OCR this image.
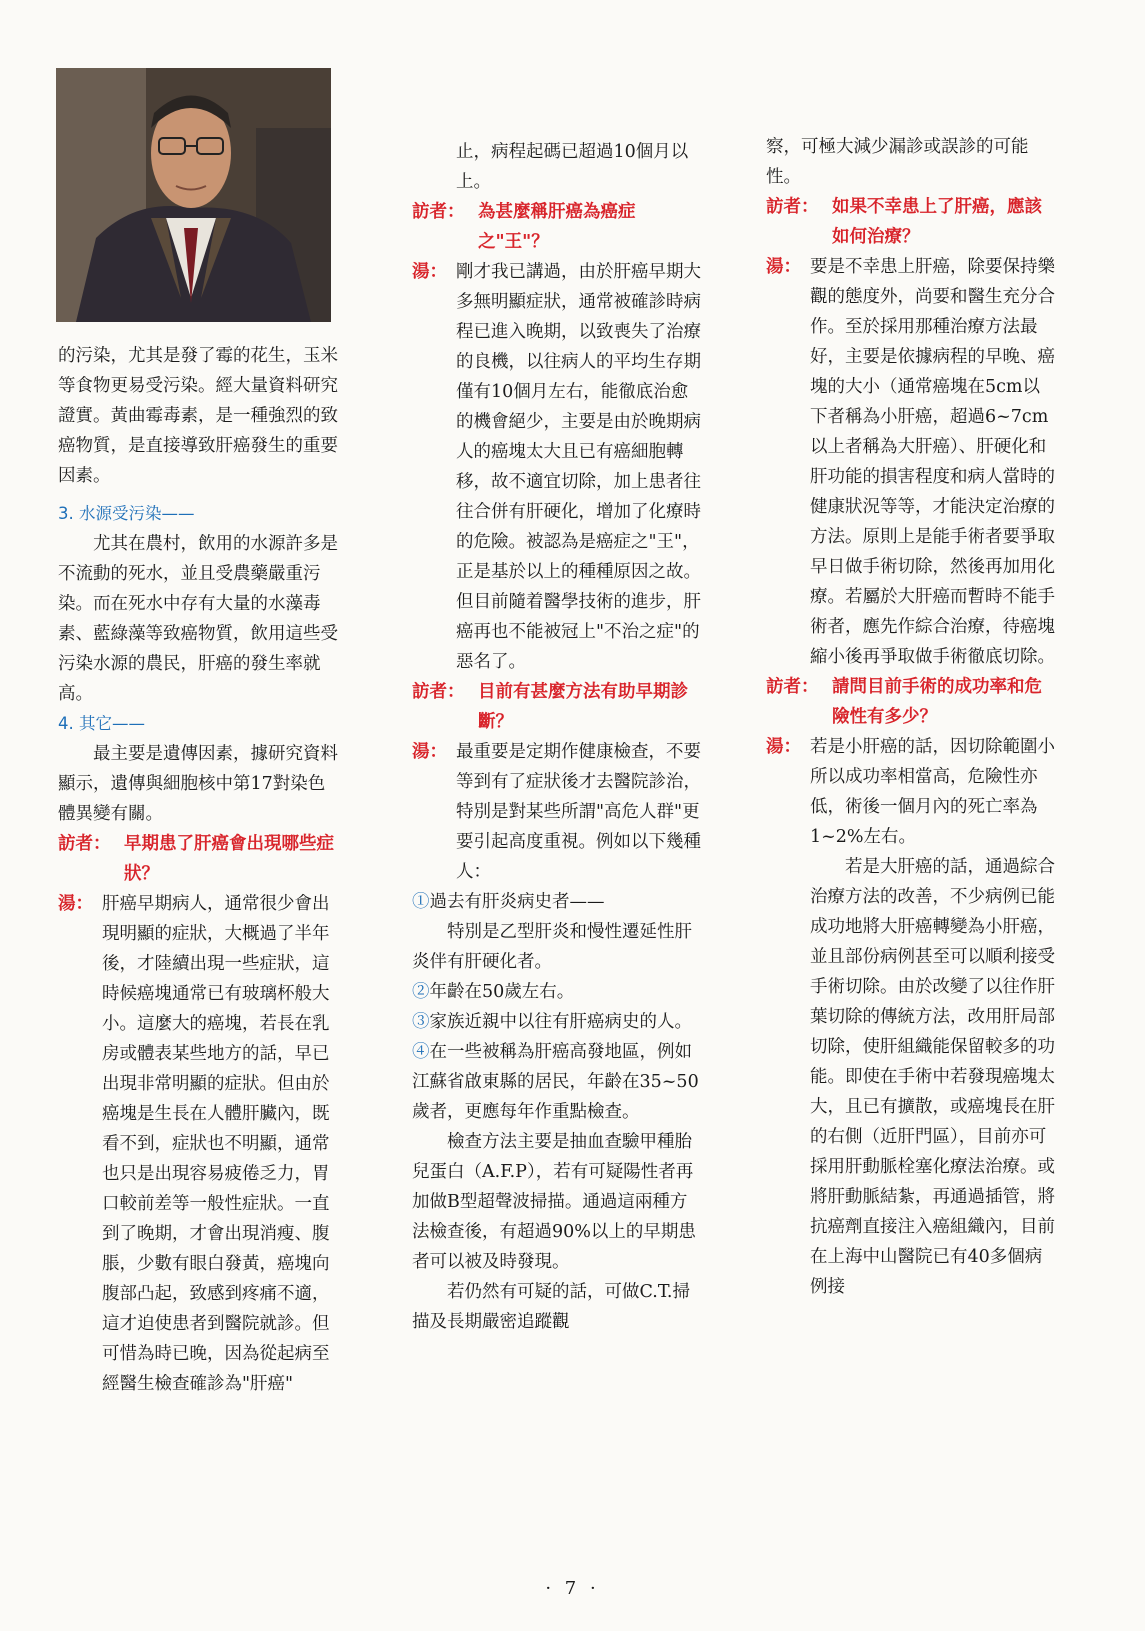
的污染，尤其是發了霉的花生，玉米等食物更易受污染。經大量資料研究證實。黃曲霉毒素，是一種強烈的致癌物質，是直接導致肝癌發生的重要因素。

3. 水源受污染——

尤其在農村，飲用的水源許多是不流動的死水，並且受農藥嚴重污染。而在死水中存有大量的水藻毒素、藍綠藻等致癌物質，飲用這些受污染水源的農民，肝癌的發生率就高。

4. 其它——

最主要是遺傳因素，據研究資料顯示，遺傳與細胞核中第17對染色體異變有關。

訪者： 早期患了肝癌會出現哪些症狀？

湯： 肝癌早期病人，通常很少會出現明顯的症狀，大概過了半年後，才陸續出現一些症狀，這時候癌塊通常已有玻璃杯般大小。這麼大的癌塊，若長在乳房或體表某些地方的話，早已出現非常明顯的症狀。但由於癌塊是生長在人體肝臟內，既看不到，症狀也不明顯，通常也只是出現容易疲倦乏力，胃口較前差等一般性症狀。一直到了晚期，才會出現消瘦、腹脹，少數有眼白發黃，癌塊向腹部凸起，致感到疼痛不適，這才迫使患者到醫院就診。但可惜為時已晚，因為從起病至經醫生檢查確診為"肝癌"

止，病程起碼已超過10個月以上。

訪者： 為甚麼稱肝癌為癌症之"王"？

湯： 剛才我已講過，由於肝癌早期大多無明顯症狀，通常被確診時病程已進入晚期，以致喪失了治療的良機，以往病人的平均生存期僅有10個月左右，能徹底治愈的機會絕少，主要是由於晚期病人的癌塊太大且已有癌細胞轉移，故不適宜切除，加上患者往往合併有肝硬化，增加了化療時的危險。被認為是癌症之"王"，正是基於以上的種種原因之故。但目前隨着醫學技術的進步，肝癌再也不能被冠上"不治之症"的惡名了。

訪者： 目前有甚麼方法有助早期診斷？

湯： 最重要是定期作健康檢查，不要等到有了症狀後才去醫院診治，特別是對某些所謂"高危人群"更要引起高度重視。例如以下幾種人：

①過去有肝炎病史者——

特別是乙型肝炎和慢性遷延性肝炎伴有肝硬化者。

②年齡在50歲左右。

③家族近親中以往有肝癌病史的人。

④在一些被稱為肝癌高發地區，例如江蘇省啟東縣的居民，年齡在35~50歲者，更應每年作重點檢查。

檢查方法主要是抽血查驗甲種胎兒蛋白（A.F.P），若有可疑陽性者再加做B型超聲波掃描。通過這兩種方法檢查後，有超過90%以上的早期患者可以被及時發現。

若仍然有可疑的話，可做C.T.掃描及長期嚴密追蹤觀

察，可極大減少漏診或誤診的可能性。

訪者： 如果不幸患上了肝癌，應該如何治療？

湯： 要是不幸患上肝癌，除要保持樂觀的態度外，尚要和醫生充分合作。至於採用那種治療方法最好，主要是依據病程的早晚、癌塊的大小（通常癌塊在5cm以下者稱為小肝癌，超過6~7cm以上者稱為大肝癌）、肝硬化和肝功能的損害程度和病人當時的健康狀況等等，才能決定治療的方法。原則上是能手術者要爭取早日做手術切除，然後再加用化療。若屬於大肝癌而暫時不能手術者，應先作綜合治療，待癌塊縮小後再爭取做手術徹底切除。

訪者： 請問目前手術的成功率和危險性有多少？

湯： 若是小肝癌的話，因切除範圍小所以成功率相當高，危險性亦低，術後一個月內的死亡率為1~2%左右。

若是大肝癌的話，通過綜合治療方法的改善，不少病例已能成功地將大肝癌轉變為小肝癌，並且部份病例甚至可以順利接受手術切除。由於改變了以往作肝葉切除的傳統方法，改用肝局部切除，使肝組織能保留較多的功能。即使在手術中若發現癌塊太大，且已有擴散，或癌塊長在肝的右側（近肝門區），目前亦可採用肝動脈栓塞化療法治療。或將肝動脈結紮，再通過插管，將抗癌劑直接注入癌組織內，目前在上海中山醫院已有40多個病例接

· 7 ·
